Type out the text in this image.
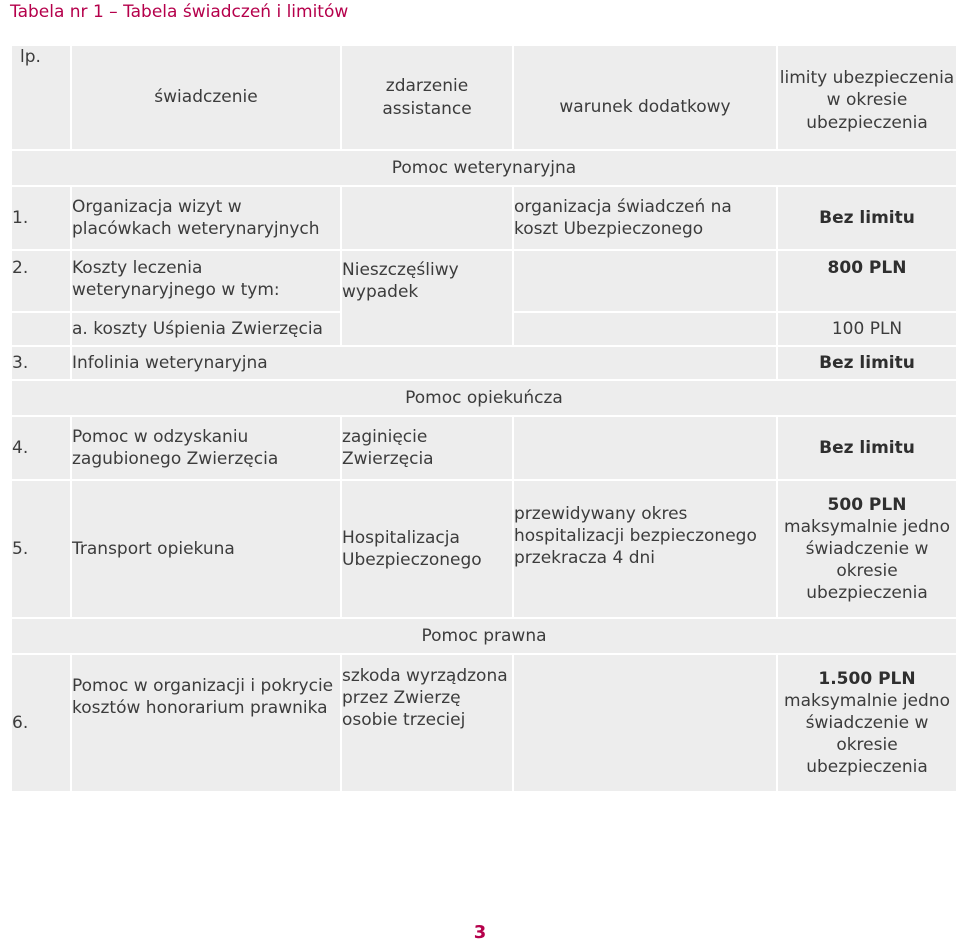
Tabela nr 1 – Tabela świadczeń i limitów
lp.	świadczenie	zdarzenie assistance	warunek dodatkowy	limity ubezpieczenia w okresie ubezpieczenia
Pomoc weterynaryjna				
1.	Organizacja wizyt w placówkach weterynaryjnych		organizacja świadczeń na koszt Ubezpieczonego	Bez limitu
2.	Koszty leczenia weterynaryjnego w tym:	Nieszczęśliwy wypadek		800 PLN
	a. koszty Uśpienia Zwierzęcia			100 PLN
3.	Infolinia weterynaryjna			Bez limitu
Pomoc opiekuńcza				
4.	Pomoc w odzyskaniu zagubionego Zwierzęcia	zaginięcie Zwierzęcia		Bez limitu
5.	Transport opiekuna	Hospitalizacja Ubezpieczonego	przewidywany okres hospitalizacji bezpieczonego przekracza 4 dni	500 PLN
maksymalnie jedno świadczenie w okresie ubezpieczenia
Pomoc prawna				
6.	Pomoc w organizacji i pokrycie kosztów honorarium prawnika	szkoda wyrządzona przez Zwierzę osobie trzeciej		1.500 PLN
maksymalnie jedno świadczenie w okresie ubezpieczenia
3
